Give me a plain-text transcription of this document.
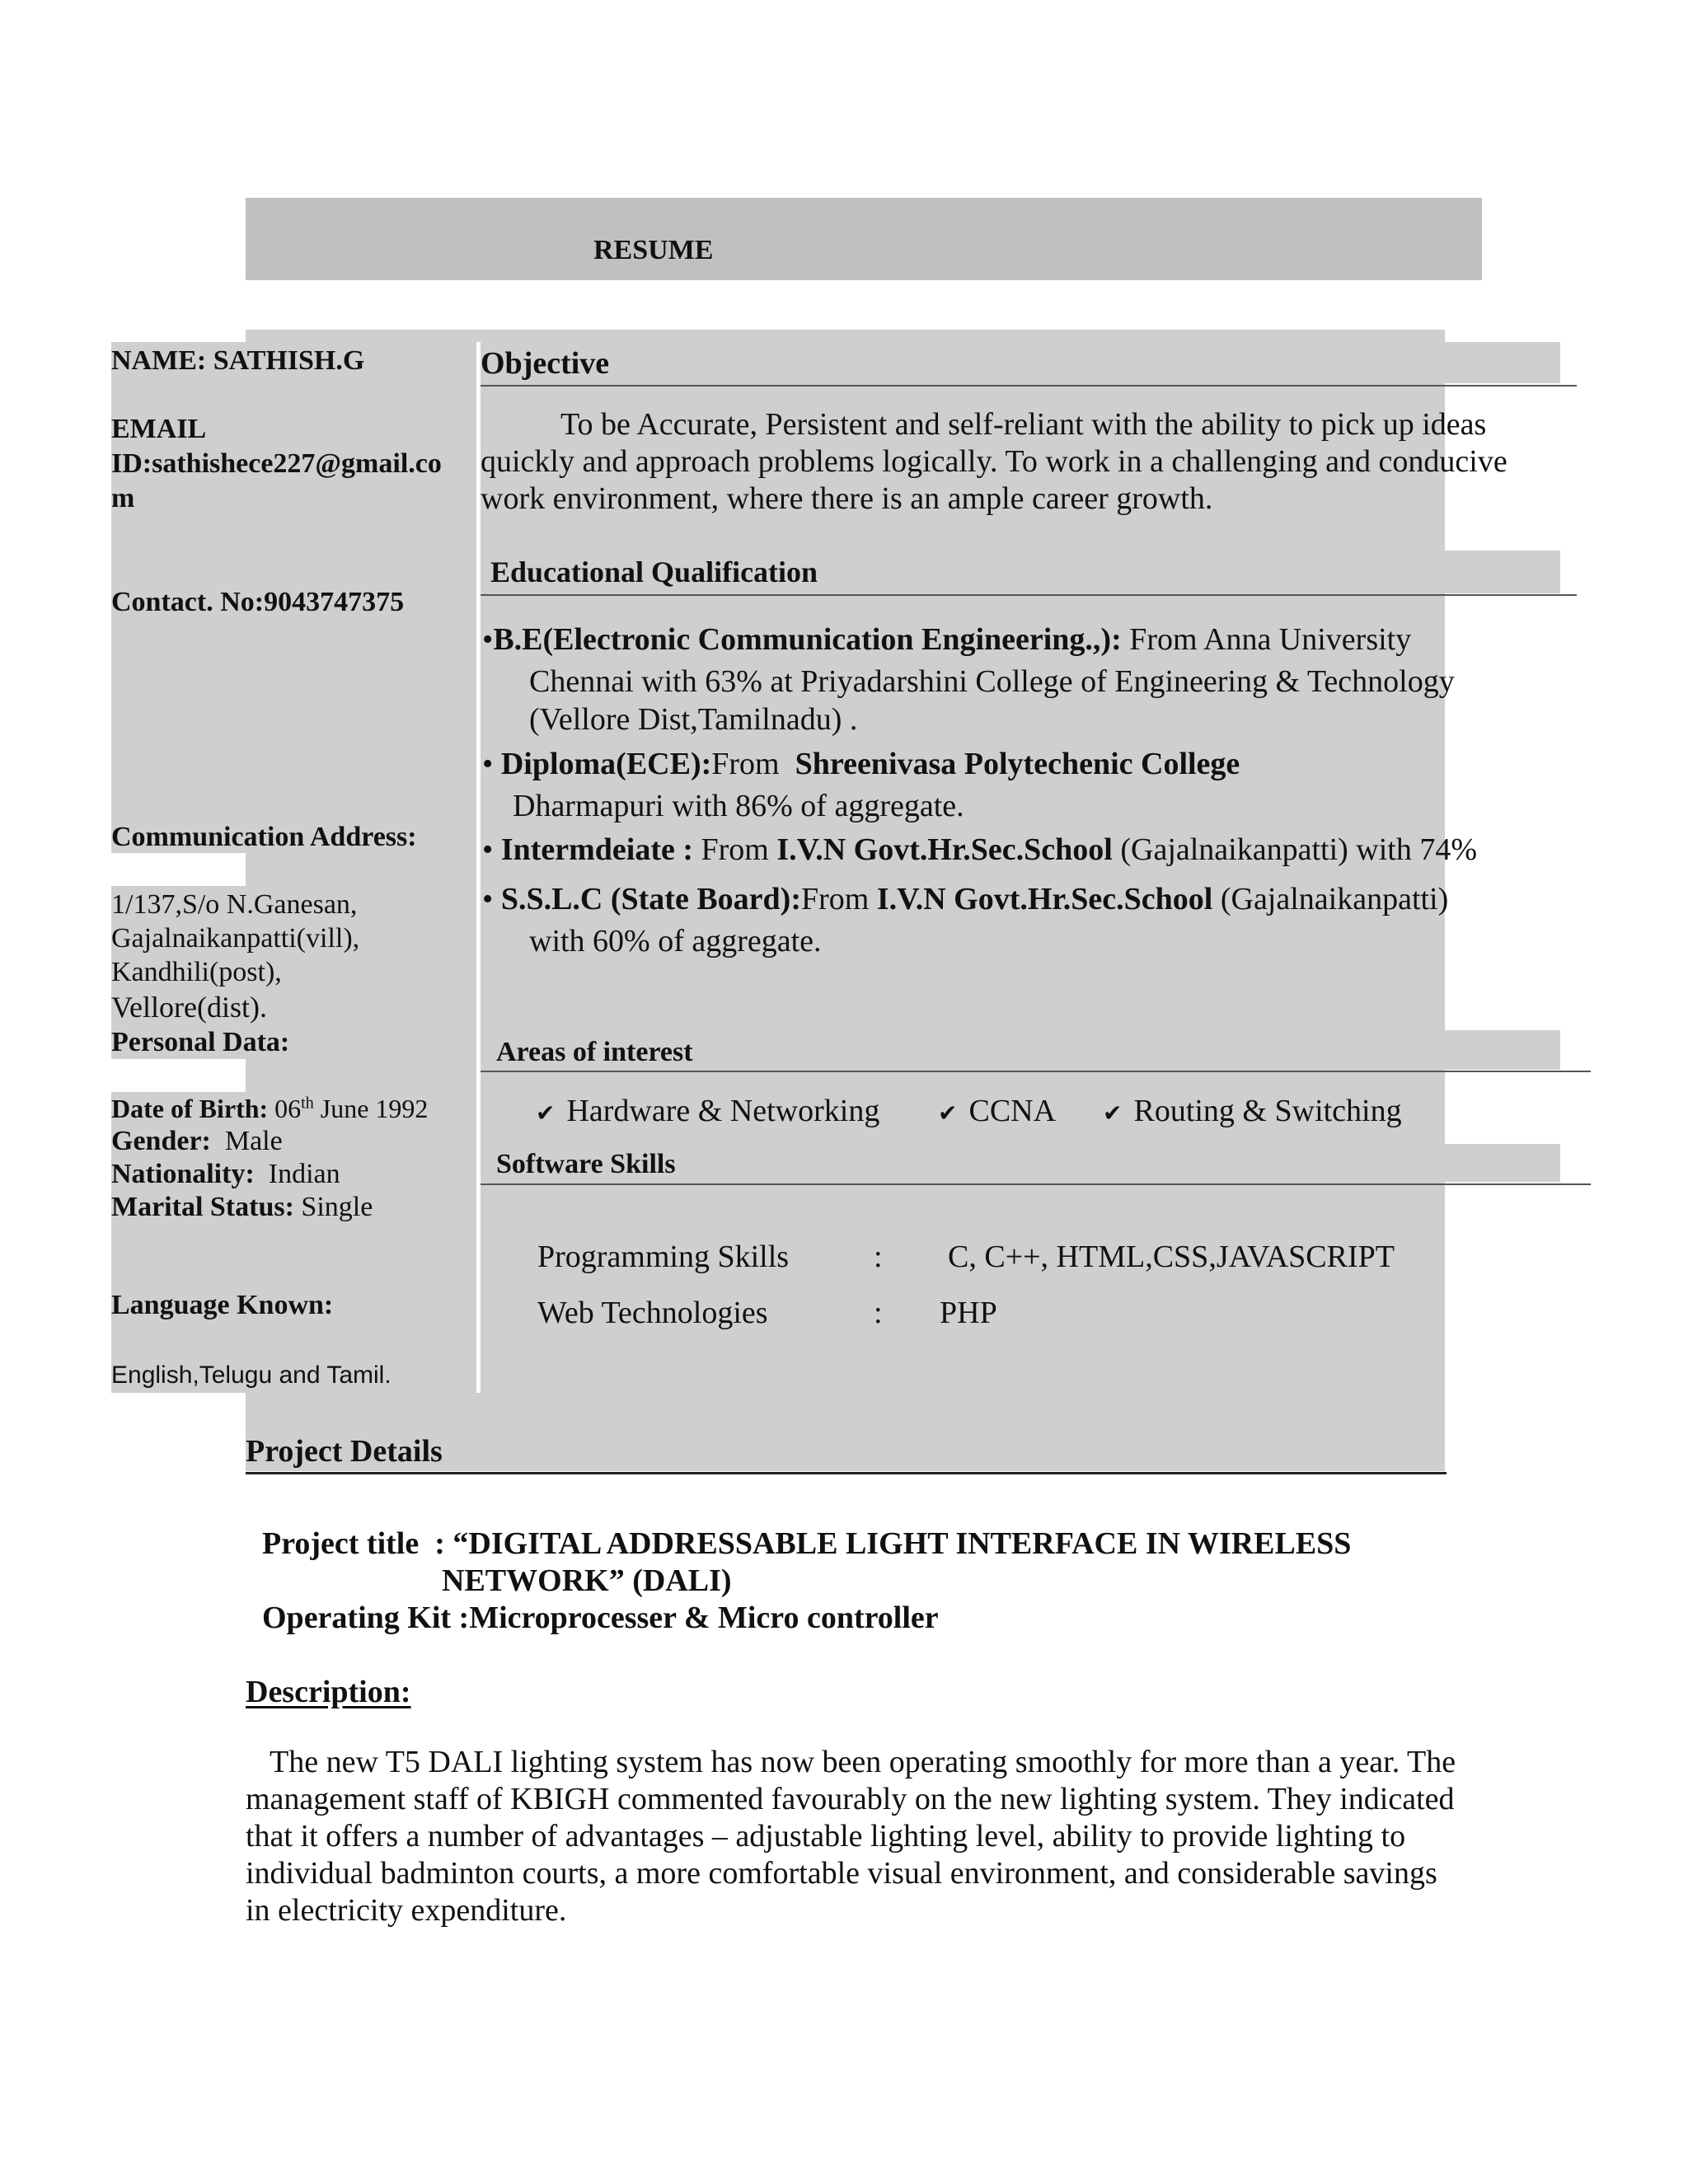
RESUME
NAME: SATHISH.G
EMAIL
ID:sathishece227@gmail.co
m
Contact. No:9043747375
Communication Address:
1/137,S/o N.Ganesan,
Gajalnaikanpatti(vill),
Kandhili(post),
Vellore(dist).
Personal Data:
Date of Birth: 06th June 1992
Gender: Male
Nationality: Indian
Marital Status: Single
Language Known:
English,Telugu and Tamil.
Objective
To be Accurate, Persistent and self-reliant with the ability to pick up ideas
quickly and approach problems logically. To work in a challenging and conducive
work environment, where there is an ample career growth.
Educational Qualification
•B.E(Electronic Communication Engineering.,): From Anna University
Chennai with 63% at Priyadarshini College of Engineering & Technology
(Vellore Dist,Tamilnadu) .
• Diploma(ECE):From  Shreenivasa Polytechenic College
Dharmapuri with 86% of aggregate.
• Intermdeiate : From I.V.N Govt.Hr.Sec.School (Gajalnaikanpatti) with 74%
• S.S.L.C (State Board):From I.V.N Govt.Hr.Sec.School (Gajalnaikanpatti)
with 60% of aggregate.
Areas of interest
✔ Hardware & Networking	✔ CCNA ✔ Routing & Switching
Software Skills
Programming Skills	: C, C++, HTML,CSS,JAVASCRIPT
Web Technologies	: PHP
Project Details
Project title : “DIGITAL ADDRESSABLE LIGHT INTERFACE IN WIRELESS
NETWORK” (DALI)
Operating Kit :Microprocesser & Micro controller
Description:
The new T5 DALI lighting system has now been operating smoothly for more than a year. The
management staff of KBIGH commented favourably on the new lighting system. They indicated
that it offers a number of advantages – adjustable lighting level, ability to provide lighting to
individual badminton courts, a more comfortable visual environment, and considerable savings
in electricity expenditure.
